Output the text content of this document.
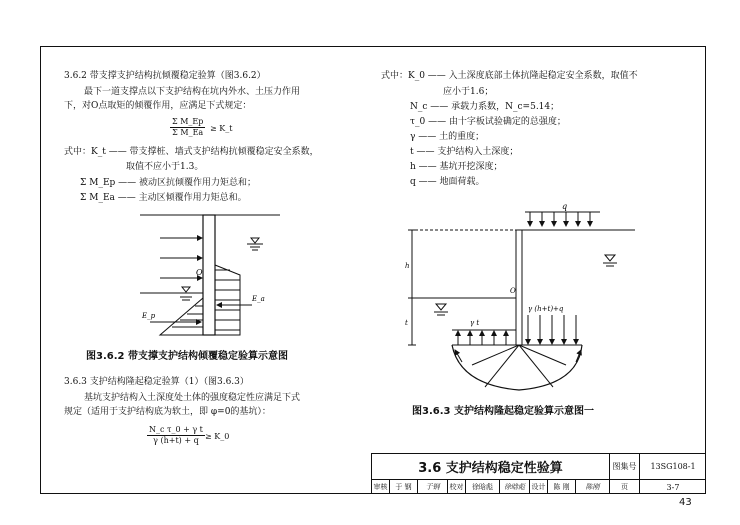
3.6.2 带支撑支护结构抗倾覆稳定验算（图3.6.2）
最下一道支撑点以下支护结构在坑内外水、土压力作用
下，对O点取矩的倾覆作用，应满足下式规定：
$\frac{\text{Σ M\_Ep}}{\text{Σ M\_Ea}}$ ≥ K_t
式中：K_t —— 带支撑桩、墙式支护结构抗倾覆稳定安全系数，
取值不应小于1.3。
Σ M_Ep —— 被动区抗倾覆作用力矩总和；
Σ M_Ea —— 主动区倾覆作用力矩总和。
O
E_a
E_p
图3.6.2 带支撑支护结构倾覆稳定验算示意图
3.6.3 支护结构隆起稳定验算（1）（图3.6.3）
基坑支护结构入土深度处土体的强度稳定性应满足下式
规定（适用于支护结构底为软土，即 φ=0的基坑）：
$\frac{\text{N\_c τ\_0 + γ t}}{\gamma (h+t) + q}$ ≥ K_0
式中：K_0 —— 入土深度底部土体抗隆起稳定安全系数，取值不
应小于1.6；
N_c —— 承载力系数，N_c=5.14；
τ_0 —— 由十字板试验确定的总强度；
γ —— 土的重度；
t —— 支护结构入土深度；
h —— 基坑开挖深度；
q —— 地面荷载。
q
h
t
O
γ t
γ (h+t)+q
图3.6.3 支护结构隆起稳定验算示意图一
3.6 支护结构稳定性验算	图集号	13SG108-1
审核	于 钢	于钢	校对	徐晗彪	徐晗彪 设计	陈 刚	陈刚	页	3-7
43
